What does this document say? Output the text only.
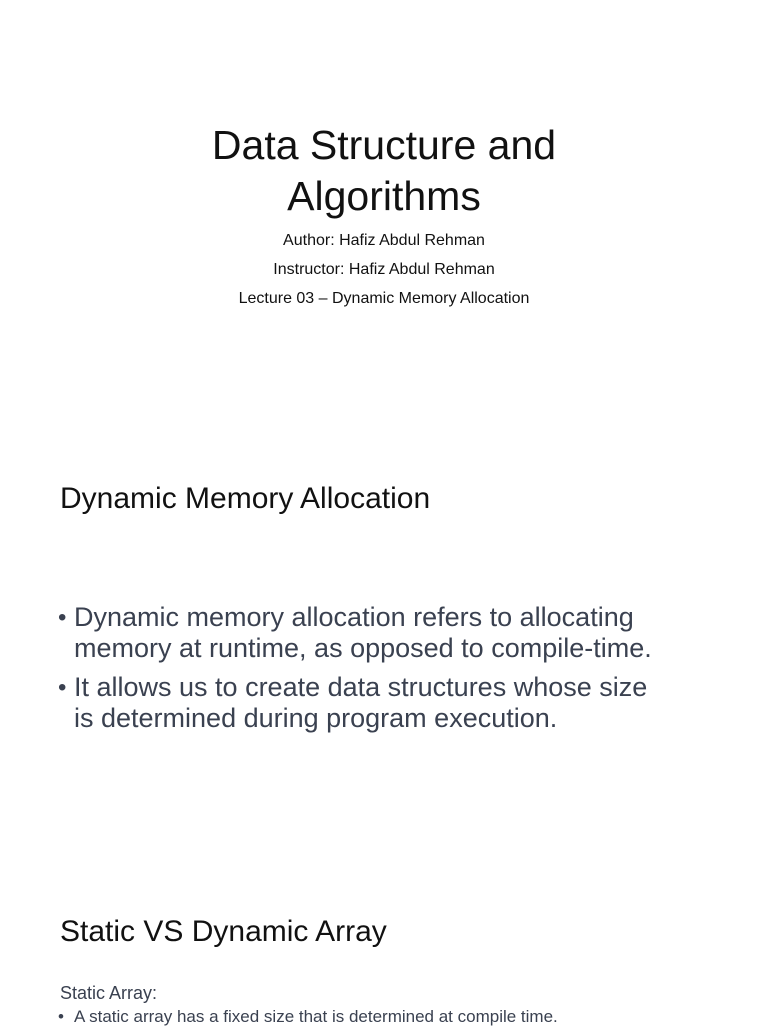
Data Structure and
Algorithms

Author: Hafiz Abdul Rehman

Instructor: Hafiz Abdul Rehman

Lecture 03 – Dynamic Memory Allocation

Dynamic Memory Allocation
• Dynamic memory allocation refers to allocating
memory at runtime, as opposed to compile-time.
• It allows us to create data structures whose size
is determined during program execution.
Static VS Dynamic Array

Static Array:

• A static array has a fixed size that is determined at compile time.
